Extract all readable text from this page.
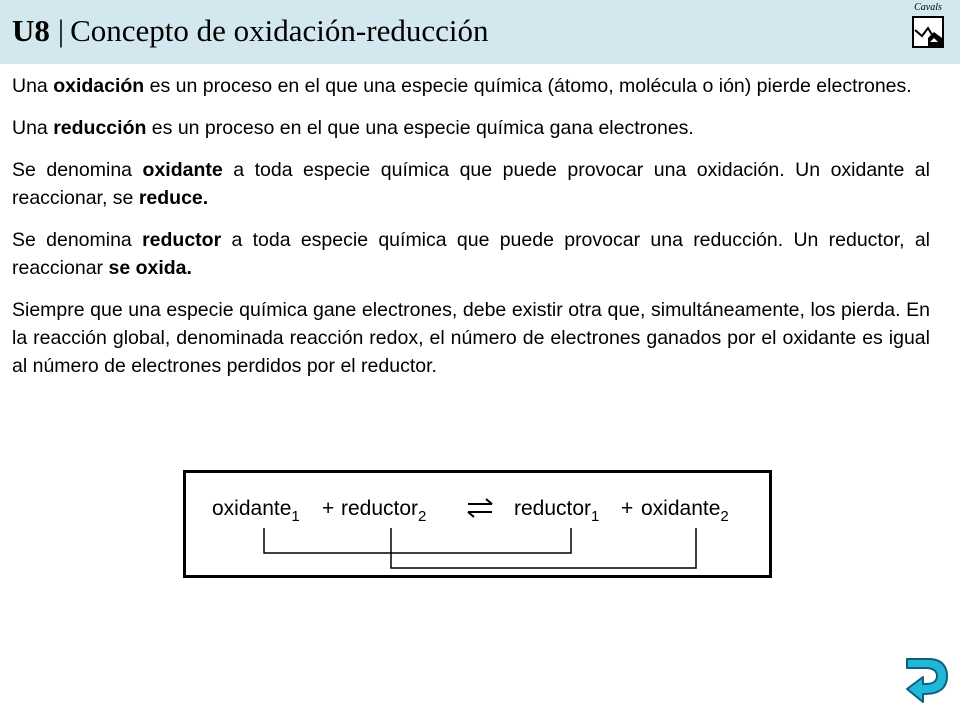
U8 | Concepto de oxidación-reducción
Cavals

Una oxidación es un proceso en el que una especie química (átomo, molécula o ión) pierde electrones.

Una reducción es un proceso en el que una especie química gana electrones.

Se denomina oxidante a toda especie química que puede provocar una oxidación. Un oxidante al reaccionar, se reduce.

Se denomina reductor a toda especie química que puede provocar una reducción. Un reductor, al reaccionar se oxida.

Siempre que una especie química gane electrones, debe existir otra que, simultáneamente, los pierda. En la reacción global, denominada reacción redox, el número de electrones ganados por el oxidante es igual al número de electrones perdidos por el reductor.

oxidante$_1$ + reductor$_2$	reductor$_1$ + oxidante$_2$
